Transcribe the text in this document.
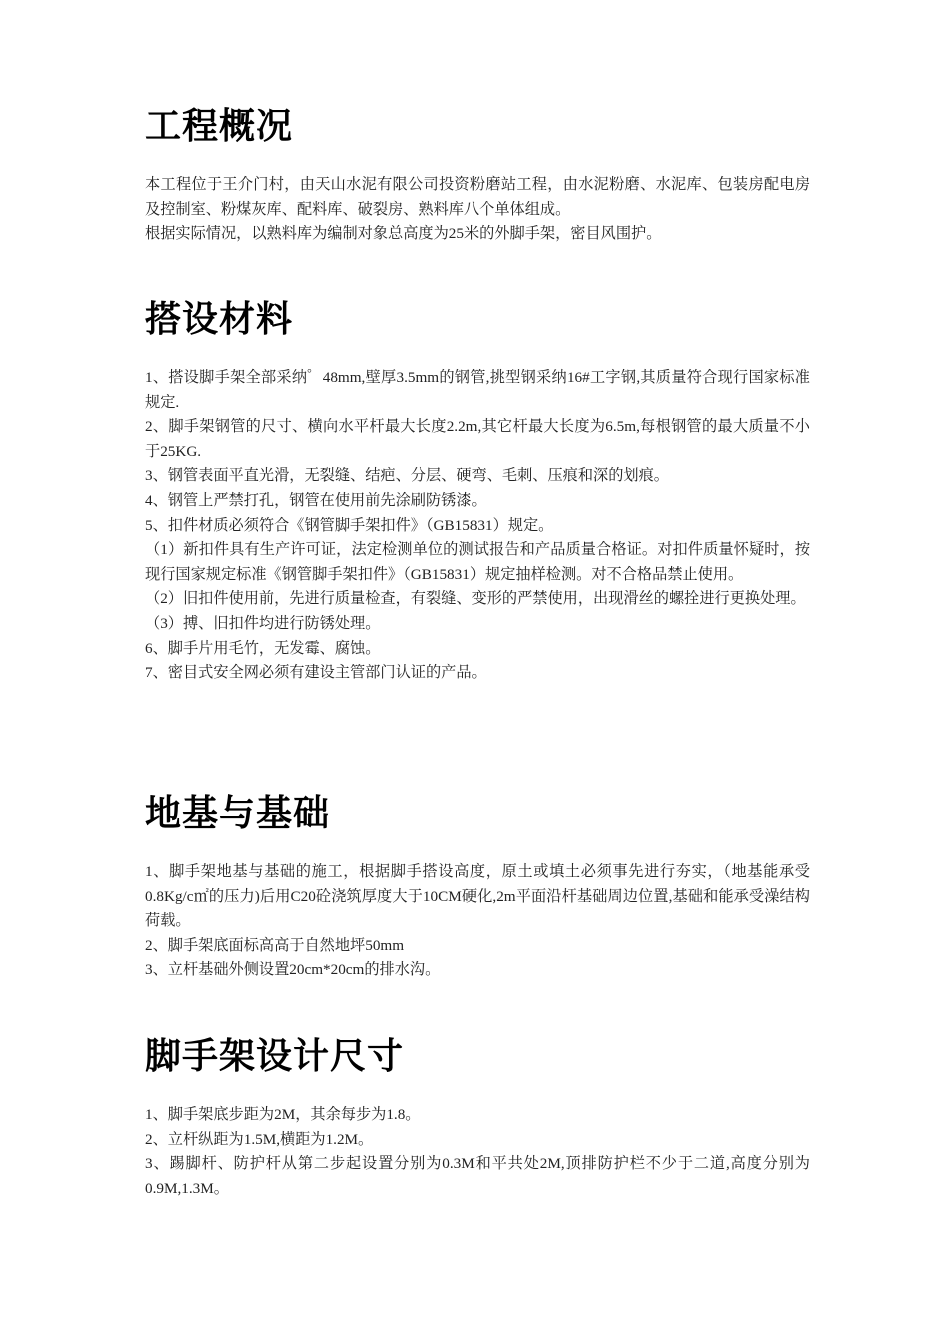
工程概况

本工程位于王介门村，由天山水泥有限公司投资粉磨站工程，由水泥粉磨、水泥库、包装房配电房及控制室、粉煤灰库、配料库、破裂房、熟料库八个单体组成。

根据实际情况，以熟料库为编制对象总高度为25米的外脚手架，密目风围护。

搭设材料

1、搭设脚手架全部采纳゜48mm,壁厚3.5mm的钢管,挑型钢采纳16#工字钢,其质量符合现行国家标准规定.

2、脚手架钢管的尺寸、横向水平杆最大长度2.2m,其它杆最大长度为6.5m,每根钢管的最大质量不小于25KG.

3、钢管表面平直光滑，无裂缝、结疤、分层、硬弯、毛刺、压痕和深的划痕。

4、钢管上严禁打孔，钢管在使用前先涂刷防锈漆。

5、扣件材质必须符合《钢管脚手架扣件》（GB15831）规定。

（1）新扣件具有生产许可证，法定检测单位的测试报告和产品质量合格证。对扣件质量怀疑时，按现行国家规定标准《钢管脚手架扣件》（GB15831）规定抽样检测。对不合格品禁止使用。

（2）旧扣件使用前，先进行质量检查，有裂缝、变形的严禁使用，出现滑丝的螺拴进行更换处理。

（3）搏、旧扣件均进行防锈处理。

6、脚手片用毛竹，无发霉、腐蚀。

7、密目式安全网必须有建设主管部门认证的产品。

地基与基础

1、脚手架地基与基础的施工，根据脚手搭设高度，原土或填土必须事先进行夯实，（地基能承受0.8Kg/c㎡的压力)后用C20砼浇筑厚度大于10CM硬化,2m平面沿杆基础周边位置,基础和能承受澡结构荷载。

2、脚手架底面标高高于自然地坪50mm

3、立杆基础外侧设置20cm*20cm的排水沟。

脚手架设计尺寸

1、脚手架底步距为2M，其余每步为1.8。

2、立杆纵距为1.5M,横距为1.2M。

3、踢脚杆、防护杆从第二步起设置分别为0.3M和平共处2M,顶排防护栏不少于二道,高度分别为0.9M,1.3M。
